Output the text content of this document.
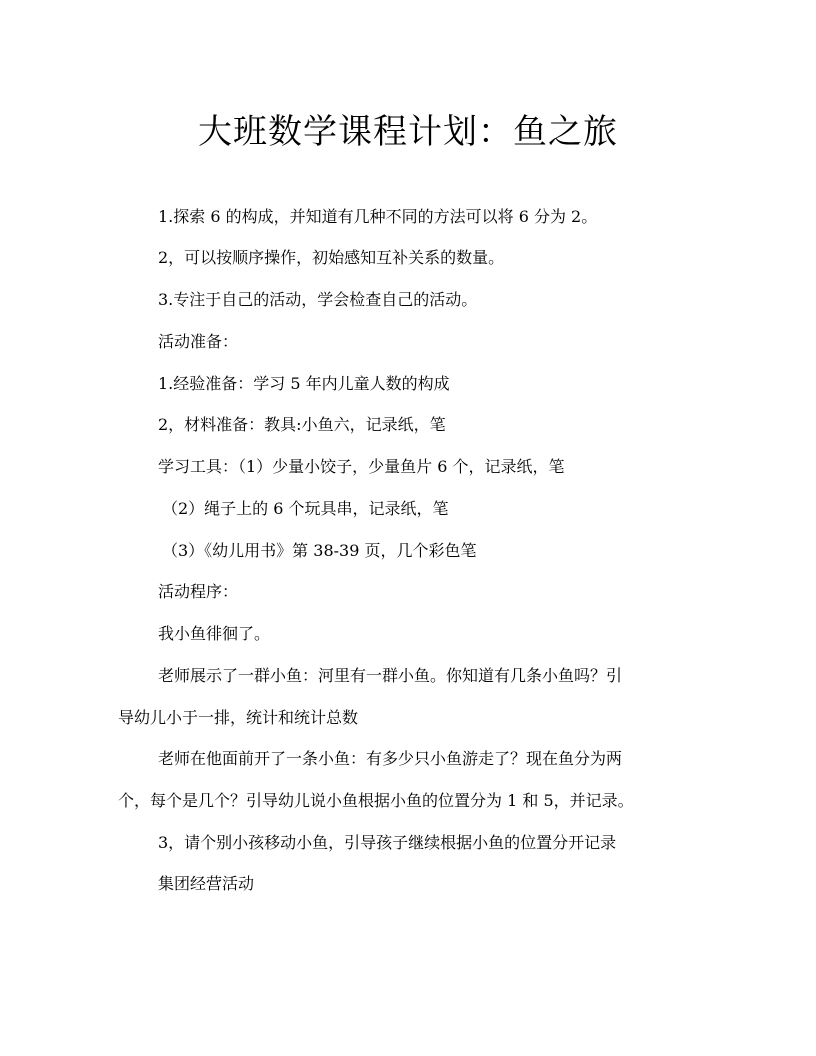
大班数学课程计划：鱼之旅

1.探索 6 的构成，并知道有几种不同的方法可以将 6 分为 2。

2，可以按顺序操作，初始感知互补关系的数量。

3.专注于自己的活动，学会检查自己的活动。

活动准备：

1.经验准备：学习 5 年内儿童人数的构成

2，材料准备：教具:小鱼六，记录纸，笔

学习工具：（1）少量小饺子，少量鱼片 6 个，记录纸，笔

（2）绳子上的 6 个玩具串，记录纸，笔

（3）《幼儿用书》第 38-39 页，几个彩色笔

活动程序：

我小鱼徘徊了。

老师展示了一群小鱼：河里有一群小鱼。你知道有几条小鱼吗？引

导幼儿小于一排，统计和统计总数

老师在他面前开了一条小鱼：有多少只小鱼游走了？现在鱼分为两

个，每个是几个？引导幼儿说小鱼根据小鱼的位置分为 1 和 5，并记录。

3，请个别小孩移动小鱼，引导孩子继续根据小鱼的位置分开记录

集团经营活动
